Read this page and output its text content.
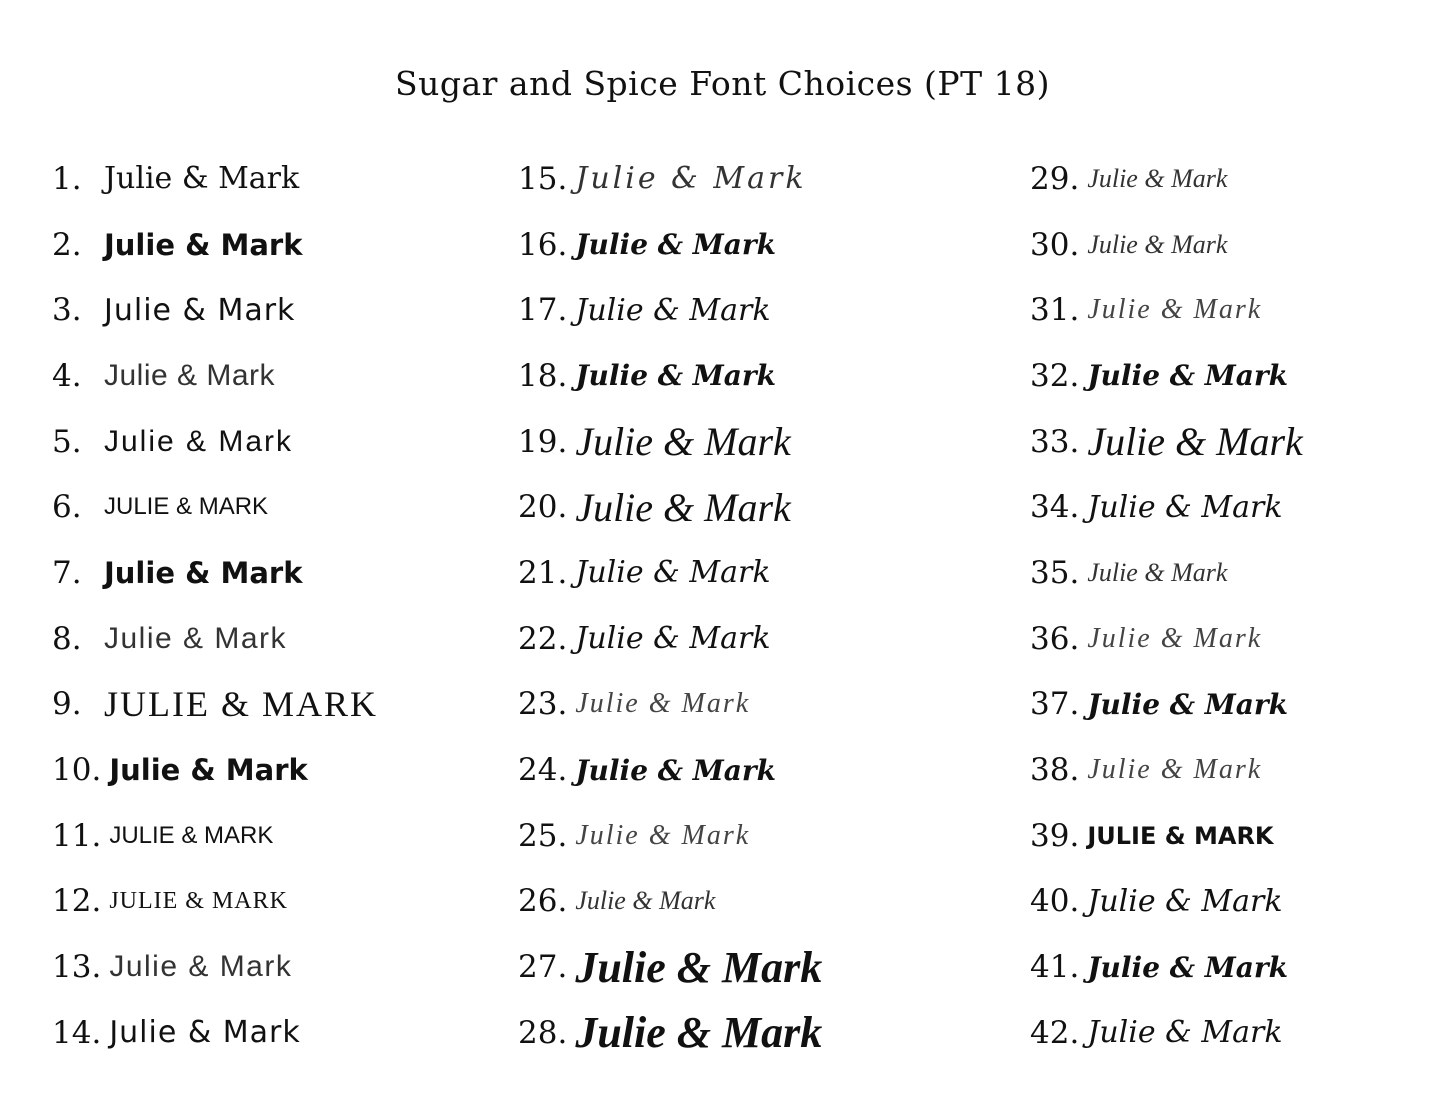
Sugar and Spice Font Choices (PT 18)
1. Julie & Mark
2. Julie & Mark
3. Julie & Mark
4. Julie & Mark
5. Julie & Mark
6. JULIE & MARK
7. Julie & Mark
8. Julie & Mark
9. JULIE & MARK
10. Julie & Mark
11. JULIE & MARK
12. JULIE & MARK
13. Julie & Mark
14. Julie & Mark
15. Julie & Mark
16. Julie & Mark
17. Julie & Mark
18. Julie & Mark
19. Julie & Mark
20. Julie & Mark
21. Julie & Mark
22. Julie & Mark
23. Julie & Mark
24. Julie & Mark
25. Julie & Mark
26. Julie & Mark
27. Julie & Mark
28. Julie & Mark
29. Julie & Mark
30. Julie & Mark
31. Julie & Mark
32. Julie & Mark
33. Julie & Mark
34. Julie & Mark
35. Julie & Mark
36. Julie & Mark
37. Julie & Mark
38. Julie & Mark
39. JULIE & MARK
40. Julie & Mark
41. Julie & Mark
42. Julie & Mark
